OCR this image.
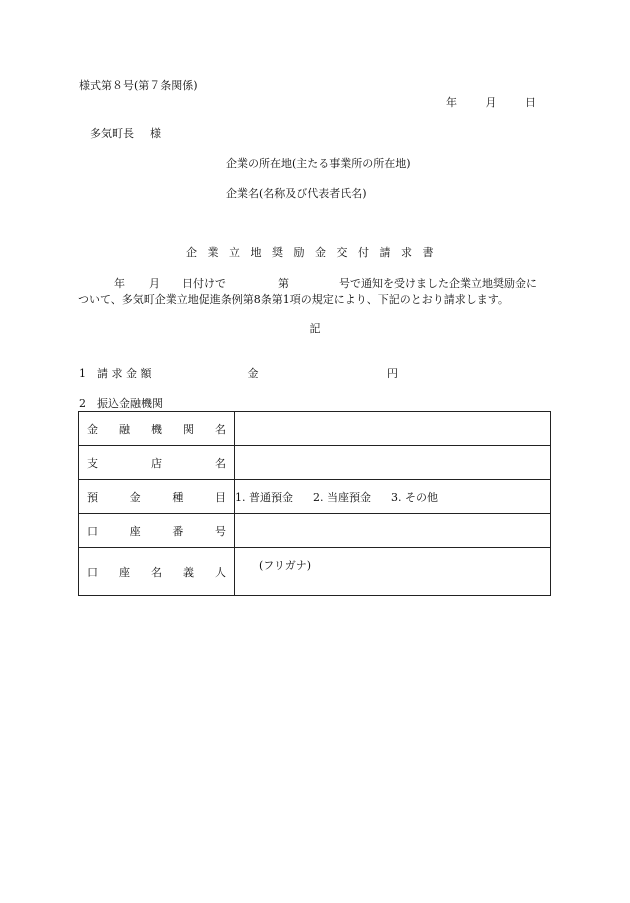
様式第８号(第７条関係)
年	月	日
多気町長 様
企業の所在地(主たる事業所の所在地)
企業名(名称及び代表者氏名)
企業立地奨励金交付請求書
年 月 日付けで	第	号で通知を受けました企業立地奨励金に
ついて、多気町企業立地促進条例第8条第1項の規定により、下記のとおり請求します。
記
1　請 求 金 額	金	円
2　振込金融機関
金融機関名	
支店名	
預金種目	1. 普通預金 2. 当座預金 3. その他
口座番号	
口座名義人	(フリガナ)
